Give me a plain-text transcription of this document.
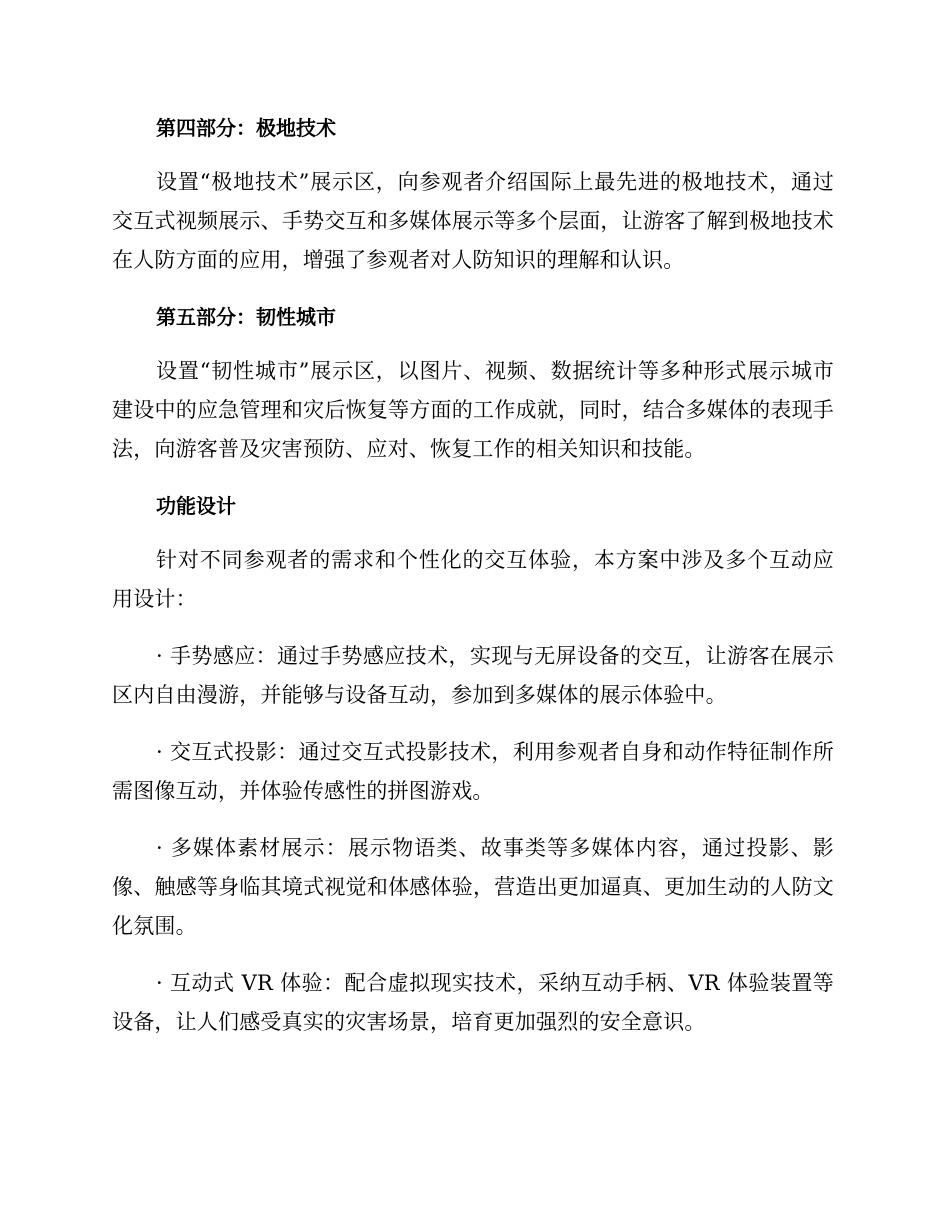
第四部分：极地技术

设置“极地技术”展示区，向参观者介绍国际上最先进的极地技术，通过交互式视频展示、手势交互和多媒体展示等多个层面，让游客了解到极地技术在人防方面的应用，增强了参观者对人防知识的理解和认识。

第五部分：韧性城市

设置“韧性城市”展示区，以图片、视频、数据统计等多种形式展示城市建设中的应急管理和灾后恢复等方面的工作成就，同时，结合多媒体的表现手法，向游客普及灾害预防、应对、恢复工作的相关知识和技能。

功能设计

针对不同参观者的需求和个性化的交互体验，本方案中涉及多个互动应用设计：

· 手势感应：通过手势感应技术，实现与无屏设备的交互，让游客在展示区内自由漫游，并能够与设备互动，参加到多媒体的展示体验中。

· 交互式投影：通过交互式投影技术，利用参观者自身和动作特征制作所需图像互动，并体验传感性的拼图游戏。

· 多媒体素材展示：展示物语类、故事类等多媒体内容，通过投影、影像、触感等身临其境式视觉和体感体验，营造出更加逼真、更加生动的人防文化氛围。

· 互动式 VR 体验：配合虚拟现实技术，采纳互动手柄、VR 体验装置等设备，让人们感受真实的灾害场景，培育更加强烈的安全意识。
